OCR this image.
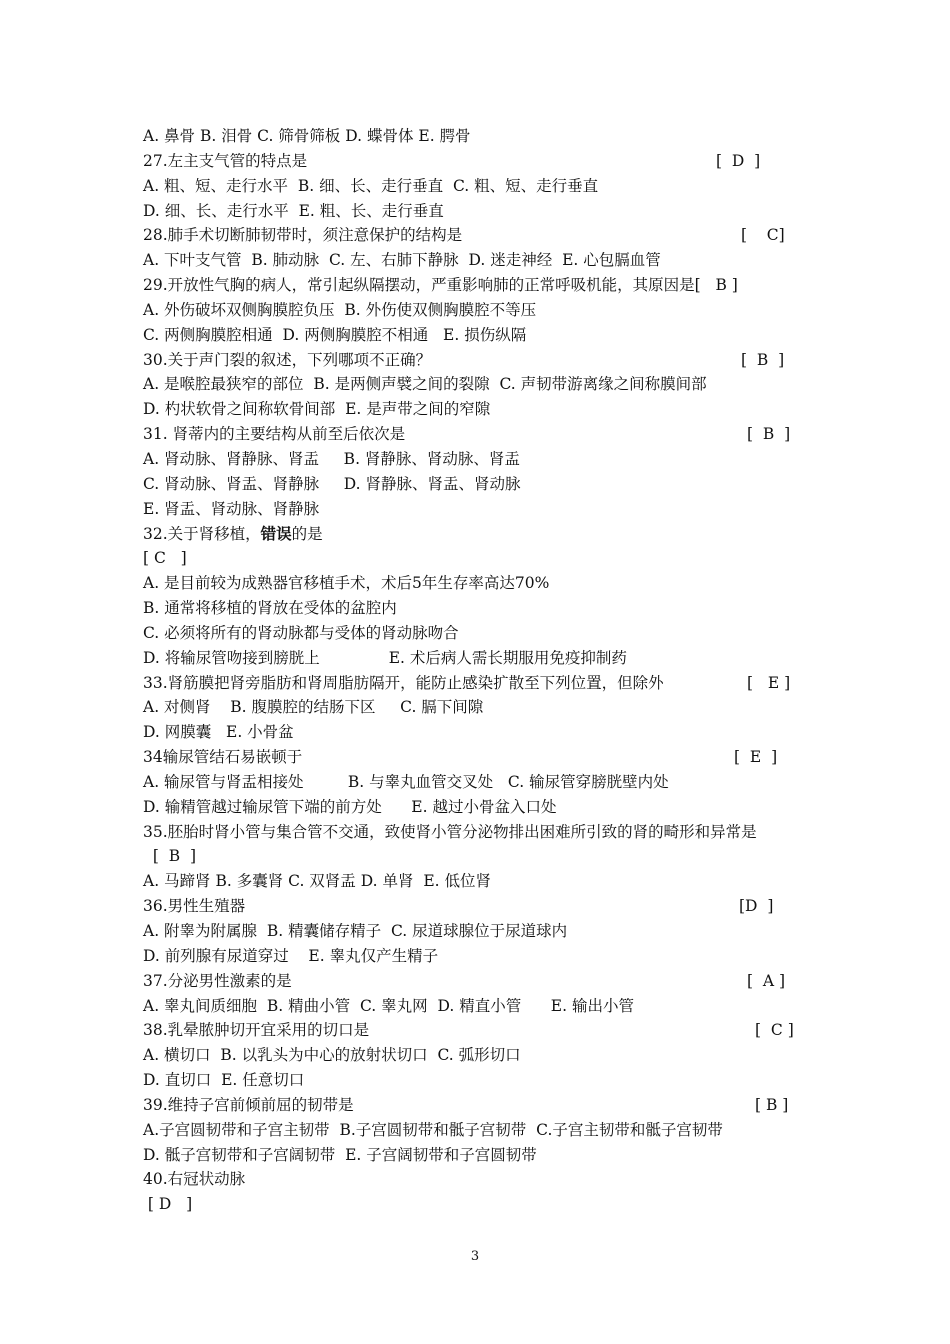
A. 鼻骨 B. 泪骨 C. 筛骨筛板 D. 蝶骨体 E. 腭骨
27.左主支气管的特点是	[  D  ]
A. 粗、短、走行水平  B. 细、长、走行垂直  C. 粗、短、走行垂直
D. 细、长、走行水平  E. 粗、长、走行垂直
28.肺手术切断肺韧带时，须注意保护的结构是	[    C]
A. 下叶支气管  B. 肺动脉  C. 左、右肺下静脉  D. 迷走神经  E. 心包膈血管
29.开放性气胸的病人，常引起纵隔摆动，严重影响肺的正常呼吸机能，其原因是[   B ]
A. 外伤破坏双侧胸膜腔负压  B. 外伤使双侧胸膜腔不等压
C. 两侧胸膜腔相通  D. 两侧胸膜腔不相通   E. 损伤纵隔
30.关于声门裂的叙述，下列哪项不正确？	[  B  ]
A. 是喉腔最狭窄的部位  B. 是两侧声襞之间的裂隙  C. 声韧带游离缘之间称膜间部
D. 杓状软骨之间称软骨间部  E. 是声带之间的窄隙
31. 肾蒂内的主要结构从前至后依次是	[  B  ]
A. 肾动脉、肾静脉、肾盂     B. 肾静脉、肾动脉、肾盂
C. 肾动脉、肾盂、肾静脉     D. 肾静脉、肾盂、肾动脉
E. 肾盂、肾动脉、肾静脉
32.关于肾移植，错误的是
[ C   ]
A. 是目前较为成熟器官移植手术，术后5年生存率高达70%
B. 通常将移植的肾放在受体的盆腔内
C. 必须将所有的肾动脉都与受体的肾动脉吻合
D. 将输尿管吻接到膀胱上              E. 术后病人需长期服用免疫抑制药
33.肾筋膜把肾旁脂肪和肾周脂肪隔开，能防止感染扩散至下列位置，但除外	[   E ]
A. 对侧肾    B. 腹膜腔的结肠下区     C. 膈下间隙
D. 网膜囊   E. 小骨盆
34输尿管结石易嵌顿于	[  E  ]
A. 输尿管与肾盂相接处         B. 与睾丸血管交叉处   C. 输尿管穿膀胱壁内处
D. 输精管越过输尿管下端的前方处      E. 越过小骨盆入口处
35.胚胎时肾小管与集合管不交通，致使肾小管分泌物排出困难所引致的肾的畸形和异常是
[  B  ]
A. 马蹄肾 B. 多囊肾 C. 双肾盂 D. 单肾  E. 低位肾
36.男性生殖器	[D  ]
A. 附睾为附属腺  B. 精囊储存精子  C. 尿道球腺位于尿道球内
D. 前列腺有尿道穿过    E. 睾丸仅产生精子
37.分泌男性激素的是	[  A ]
A. 睾丸间质细胞  B. 精曲小管  C. 睾丸网  D. 精直小管      E. 输出小管
38.乳晕脓肿切开宜采用的切口是	[  C ]
A. 横切口  B. 以乳头为中心的放射状切口  C. 弧形切口
D. 直切口  E. 任意切口
39.维持子宫前倾前屈的韧带是	[ B ]
A.子宫圆韧带和子宫主韧带  B.子宫圆韧带和骶子宫韧带  C.子宫主韧带和骶子宫韧带
D. 骶子宫韧带和子宫阔韧带  E. 子宫阔韧带和子宫圆韧带
40.右冠状动脉
[ D   ]
3
